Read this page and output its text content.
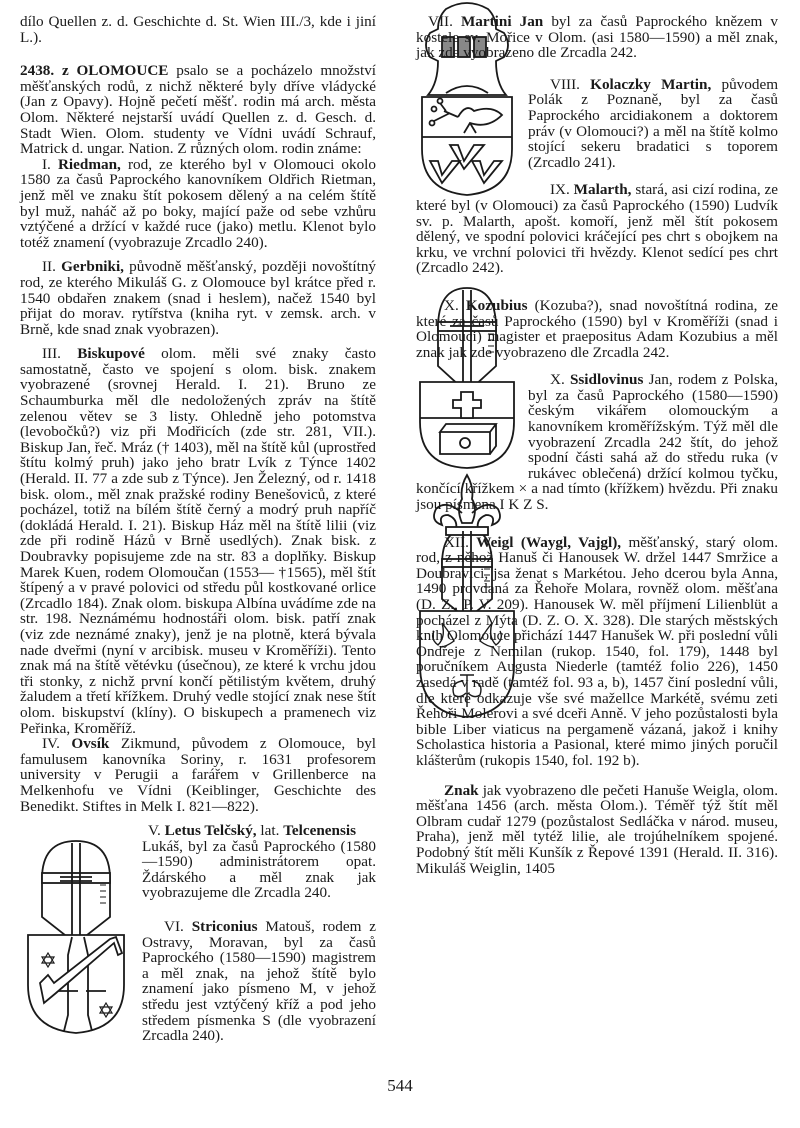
dílo Quellen z. d. Geschichte d. St. Wien III./3, kde i jiní L.).

2438. z OLOMOUCE psalo se a pocházelo množství měšťanských rodů, z nichž některé byly dříve vládycké (Jan z Opavy). Hojně pečetí měšť. rodin má arch. města Olom. Některé nejstarší uvádí Quellen z. d. Gesch. d. Stadt Wien. Olom. studenty ve Vídni uvádí Schrauf, Matrick d. ungar. Nation. Z různých olom. rodin známe:

I. Riedman, rod, ze kterého byl v Olomouci okolo 1580 za časů Paprockého kanovníkem Oldřich Rietman, jenž měl ve znaku štít pokosem dělený a na celém štítě byl muž, naháč až po boky, mající paže od sebe vzhůru vztýčené a držící v každé ruce (jako) metlu. Klenot bylo totéž znamení (vyobrazuje Zrcadlo 240).

II. Gerbniki, původně měšťanský, později novoštítný rod, ze kterého Mikuláš G. z Olomouce byl krátce před r. 1540 obdařen znakem (snad i heslem), načež 1540 byl přijat do morav. rytířstva (kniha ryt. v zemsk. arch. v Brně, kde snad znak vyobrazen).

III. Biskupové olom. měli své znaky často samostatně, často ve spojení s olom. bisk. znakem vyobrazené (srovnej Herald. I. 21). Bruno ze Schaumburka měl dle nedoložených zpráv na štítě zelenou větev se 3 listy. Ohledně jeho potomstva (levobočků?) viz při Modřicích (zde str. 281, VII.). Biskup Jan, řeč. Mráz († 1403), měl na štítě kůl (uprostřed štítu kolmý pruh) jako jeho bratr Lvík z Týnce 1402 (Herald. II. 77 a zde sub z Týnce). Jen Železný, od r. 1418 bisk. olom., měl znak pražské rodiny Benešoviců, z které pocházel, totiž na bílém štítě černý a modrý pruh napříč (dokládá Herald. I. 21). Biskup Ház měl na štítě lilii (viz zde při rodině Házů v Brně usedlých). Znak bisk. z Doubravky popisujeme zde na str. 83 a doplňky. Biskup Marek Kuen, rodem Olomoučan (1553— †1565), měl štít štípený a v pravé polovici od středu půl kostkované orlice (Zrcadlo 184). Znak olom. biskupa Albína uvádíme zde na str. 198. Neznámému hodnostáři olom. bisk. patří znak (viz zde neznámé znaky), jenž je na plotně, která bývala nade dveřmi (nyní v arcibisk. museu v Kroměříži). Tento znak má na štítě větévku (úsečnou), ze které k vrchu jdou tři stonky, z nichž první končí pětilistým květem, druhý žaludem a třetí křížkem. Druhý vedle stojící znak nese štít olom. biskupství (klíny). O biskupech a pramenech viz Peřinka, Kroměříž.

IV. Ovsík Zikmund, původem z Olomouce, byl famulusem kanovníka Soriny, r. 1631 profesorem university v Perugii a farářem v Grillenberce na Melkenhofu ve Vídni (Keiblinger, Geschichte des Benedikt. Stiftes in Melk I. 821—822).

V. Letus Telčský, lat. Telcenensis

Lukáš, byl za časů Paprockého (1580—1590) administrátorem opat. Ždárského a měl znak jak vyobrazujeme dle Zrcadla 240.

VI. Striconius Matouš, rodem z Ostravy, Moravan, byl za časů Paprockého (1580—1590) magistrem a měl znak, na jehož štítě bylo znamení jako písmeno M, v jehož středu jest vztýčený kříž a pod jeho středem písmenka S (dle vyobrazení Zrcadla 240).

VII. Martini Jan byl za časů Paprockého knězem v kostele sv. Mořice v Olom. (asi 1580—1590) a měl znak, jak zde vyobrazeno dle Zrcadla 242.

VIII. Kolaczky Martin, původem Polák z Poznaně, byl za časů Paprockého arcidiakonem a doktorem práv (v Olomouci?) a měl na štítě kolmo stojící sekeru bradatici s toporem (Zrcadlo 241).

IX. Malarth, stará, asi cizí rodina, ze které byl (v Olomouci) za časů Paprockého (1590) Ludvík sv. p. Malarth, apošt. komoří, jenž měl štít pokosem dělený, ve spodní polovici kráčející pes chrt s obojkem na krku, ve vrchní polovici tři hvězdy. Klenot sedící pes chrt (Zrcadlo 242).

X. Kozubius (Kozuba?), snad novoštítná rodina, ze které za časů Paprockého (1590) byl v Kroměříži (snad i Olomouci) magister et praepositus Adam Kozubius a měl znak jak zde vyobrazeno dle Zrcadla 242.

X. Ssidlovinus Jan, rodem z Polska, byl za časů Paprockého (1580—1590) českým vikářem olomouckým a kanovníkem kroměřížským. Týž měl dle vyobrazení Zrcadla 242 štít, do jehož spodní části sahá až do středu ruka (v rukávec oblečená) držící kolmou tyčku, končící křížkem × a nad tímto (křížkem) hvězdu. Při znaku jsou písmena I K Z S.

XII. Weigl (Waygl, Vajgl), měšťanský, starý olom. rod, z něhož Hanuš či Hanousek W. držel 1447 Smržice a Doubravici, jsa ženat s Markétou. Jeho dcerou byla Anna, 1490 provdaná za Řehoře Molara, rovněž olom. měšťana (D. Z., P. V. 209). Hanousek W. měl příjmení Lilienblüt a pocházel z Mýta (D. Z. O. X. 328). Dle starých městských knih Olomouce přichází 1447 Hanušek W. při poslední vůli Ondřeje z Nemilan (rukop. 1540, fol. 179), 1448 byl poručníkem Augusta Niederle (tamtéž folio 226), 1450 zasedá v radě (tamtéž fol. 93 a, b), 1457 činí poslední vůli, dle které odkazuje vše své mažellce Markétě, svému zeti Řehoři Molerovi a své dceři Anně. V jeho pozůstalosti byla bible Liber viaticus na pergameně vázaná, jakož i knihy Scholastica historia a Pasional, které mimo jiných poručil klášterům (rukopis 1540, fol. 192 b).

Znak jak vyobrazeno dle pečeti Hanuše Weigla, olom. měšťana 1456 (arch. města Olom.). Téměř týž štít měl Olbram cudař 1279 (pozůstalost Sedláčka v národ. museu, Praha), jenž měl tytéž lilie, ale trojúhelníkem spojené. Podobný štít měli Kunšík z Řepové 1391 (Herald. II. 316). Mikuláš Weiglin, 1405

544
